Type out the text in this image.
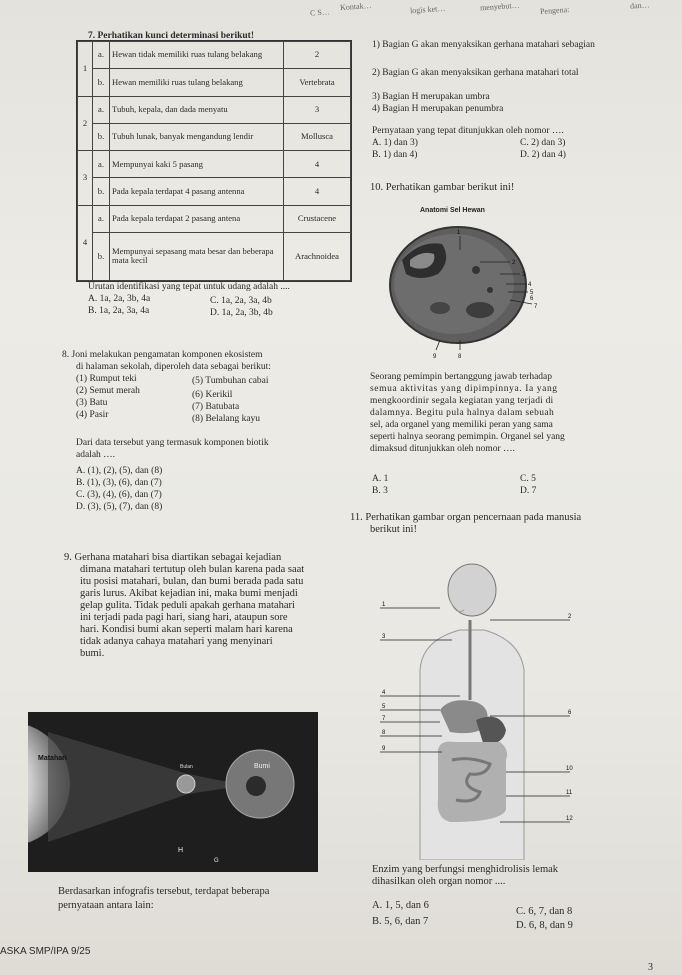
menyebut… Pengena:	dan…
logis ket…
C S…
Kontak…
7. Perhatikan kunci determinasi berikut!
1	a.	Hewan tidak memiliki ruas tulang belakang	2
	b.	Hewan memiliki ruas tulang belakang	Vertebrata
2	a.	Tubuh, kepala, dan dada menyatu	3
	b.	Tubuh lunak, banyak mengandung lendir	Mollusca
3	a.	Mempunyai kaki 5 pasang	4
	b.	Pada kepala terdapat 4 pasang antenna	4
4	a.	Pada kepala terdapat 2 pasang antena	Crustacene
	b.	Mempunyai sepasang mata besar dan beberapa mata kecil	Arachnoidea
Urutan identifikasi yang tepat untuk udang adalah ....
A. 1a, 2a, 3b, 4a	C. 1a, 2a, 3a, 4b
B. 1a, 2a, 3a, 4a	D. 1a, 2a, 3b, 4b
1) Bagian G akan menyaksikan gerhana matahari sebagian
2) Bagian G akan menyaksikan gerhana matahari total
3) Bagian H merupakan umbra
4) Bagian H merupakan penumbra
Pernyataan yang tepat ditunjukkan oleh nomor ….
A. 1) dan 3)	C. 2) dan 3)
B. 1) dan 4)	D. 2) dan 4)
10. Perhatikan gambar berikut ini!
Anatomi Sel Hewan
1
2
3
4
5
6
7
8
9
Seorang pemimpin bertanggung jawab terhadap
semua aktivitas yang dipimpinnya. Ia yang
mengkoordinir segala kegiatan yang terjadi di
dalamnya. Begitu pula halnya dalam sebuah
sel, ada organel yang memiliki peran yang sama
seperti halnya seorang pemimpin. Organel sel yang
dimaksud ditunjukkan oleh nomor ….
A. 1	C. 5
B. 3	D. 7
8. Joni melakukan pengamatan komponen ekosistem
di halaman sekolah, diperoleh data sebagai berikut:
(1) Rumput teki
(2) Semut merah
(3) Batu
(4) Pasir
(5) Tumbuhan cabai
(6) Kerikil
(7) Batubata
(8) Belalang kayu
Dari data tersebut yang termasuk komponen biotik
adalah ….
A. (1), (2), (5), dan (8)
B. (1), (3), (6), dan (7)
C. (3), (4), (6), dan (7)
D. (3), (5), (7), dan (8)
9. Gerhana matahari bisa diartikan sebagai kejadian
dimana matahari tertutup oleh bulan karena pada saat
itu posisi matahari, bulan, dan bumi berada pada satu
garis lurus. Akibat kejadian ini, maka bumi menjadi
gelap gulita. Tidak peduli apakah gerhana matahari
ini terjadi pada pagi hari, siang hari, ataupun sore
hari. Kondisi bumi akan seperti malam hari karena
tidak adanya cahaya matahari yang menyinari
bumi.
Matahari
Bulan	Bumi
H
G
Berdasarkan infografis tersebut, terdapat beberapa
pernyataan antara lain:
11. Perhatikan gambar organ pencernaan pada manusia
berikut ini!
1
2
3
4
5
6
7
8
9
10
11
12
Enzim yang berfungsi menghidrolisis lemak
dihasilkan oleh organ nomor ....
A. 1, 5, dan 6
C. 6, 7, dan 8
B. 5, 6, dan 7	D. 6, 8, dan 9
ASKA SMP/IPA 9/25
3
